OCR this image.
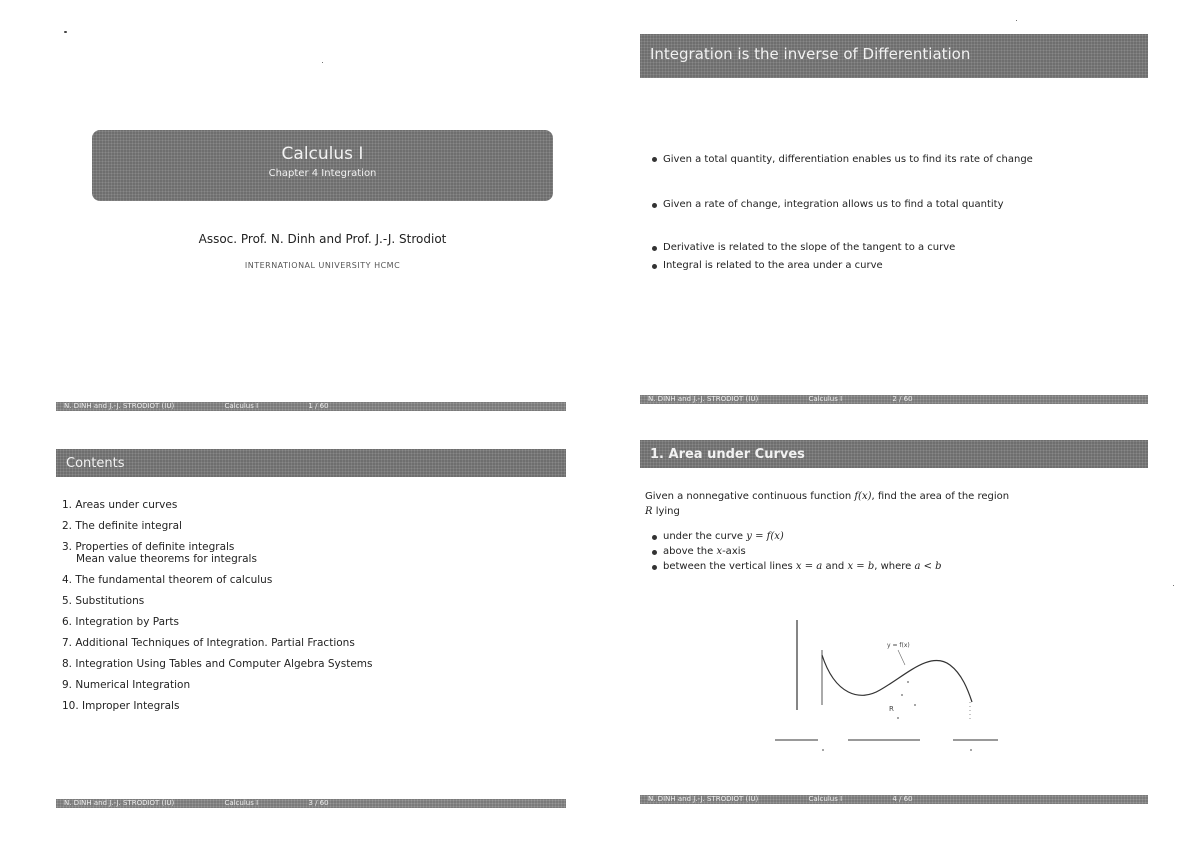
Calculus I
Chapter 4 Integration
Assoc. Prof. N. Dinh and Prof. J.-J. Strodiot
INTERNATIONAL UNIVERSITY HCMC
N. DINH and J.-J. STRODIOT (IU)	Calculus I	1 / 60
Integration is the inverse of Differentiation
Given a total quantity, differentiation enables us to find its rate of change
Given a rate of change, integration allows us to find a total quantity
Derivative is related to the slope of the tangent to a curve
Integral is related to the area under a curve
N. DINH and J.-J. STRODIOT (IU)	Calculus I	2 / 60
Contents
1. Areas under curves
2. The definite integral
3. Properties of definite integrals
Mean value theorems for integrals
4. The fundamental theorem of calculus
5. Substitutions
6. Integration by Parts
7. Additional Techniques of Integration. Partial Fractions
8. Integration Using Tables and Computer Algebra Systems
9. Numerical Integration
10. Improper Integrals
N. DINH and J.-J. STRODIOT (IU)	Calculus I	3 / 60
1. Area under Curves
Given a nonnegative continuous function f(x), find the area of the region
R lying
under the curve y = f(x)
above the x-axis
between the vertical lines x = a and x = b, where a < b
y = f(x)
R
N. DINH and J.-J. STRODIOT (IU)	Calculus I	4 / 60
